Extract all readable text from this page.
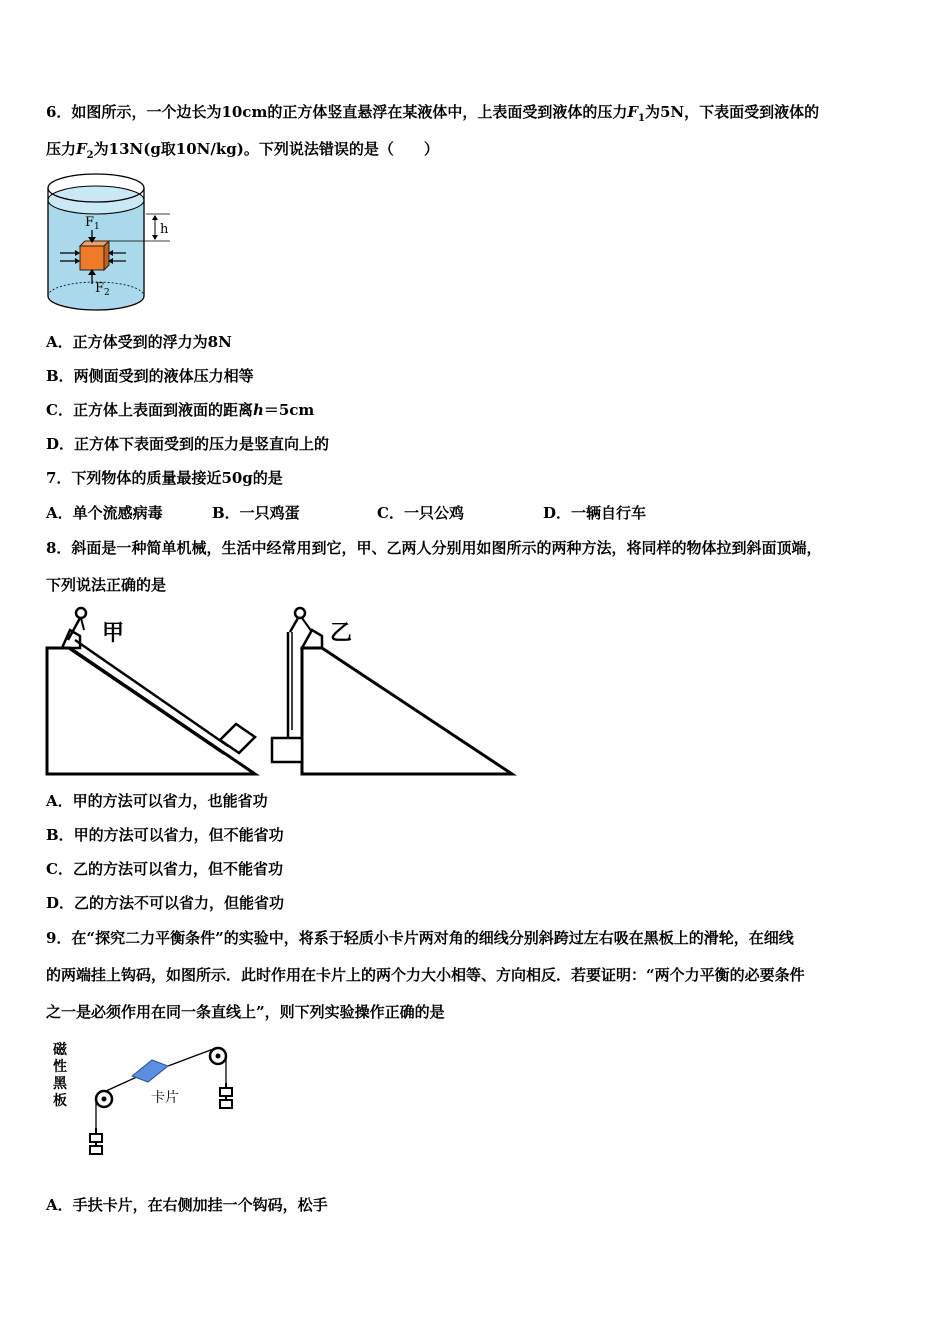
6．如图所示，一个边长为10cm的正方体竖直悬浮在某液体中，上表面受到液体的压力$F_1$为5N，下表面受到液体的
压力$F_2$为13N(g取10N/kg)。下列说法错误的是（　　）
$F_1$
$F_2$
h
A．正方体受到的浮力为8N
B．两侧面受到的液体压力相等
C．正方体上表面到液面的距离h＝5cm
D．正方体下表面受到的压力是竖直向上的
7．下列物体的质量最接近50g的是
A．单个流感病毒	B．一只鸡蛋	C．一只公鸡	D．一辆自行车
8．斜面是一种简单机械，生活中经常用到它，甲、乙两人分别用如图所示的两种方法，将同样的物体拉到斜面顶端，
下列说法正确的是
甲	乙
A．甲的方法可以省力，也能省功
B．甲的方法可以省力，但不能省功
C．乙的方法可以省力，但不能省功
D．乙的方法不可以省力，但能省功
9．在“探究二力平衡条件”的实验中，将系于轻质小卡片两对角的细线分别斜跨过左右吸在黑板上的滑轮，在细线
的两端挂上钩码，如图所示．此时作用在卡片上的两个力大小相等、方向相反．若要证明：“两个力平衡的必要条件
之一是必须作用在同一条直线上”，则下列实验操作正确的是
磁
性
黑
板	卡片
A．手扶卡片，在右侧加挂一个钩码，松手
